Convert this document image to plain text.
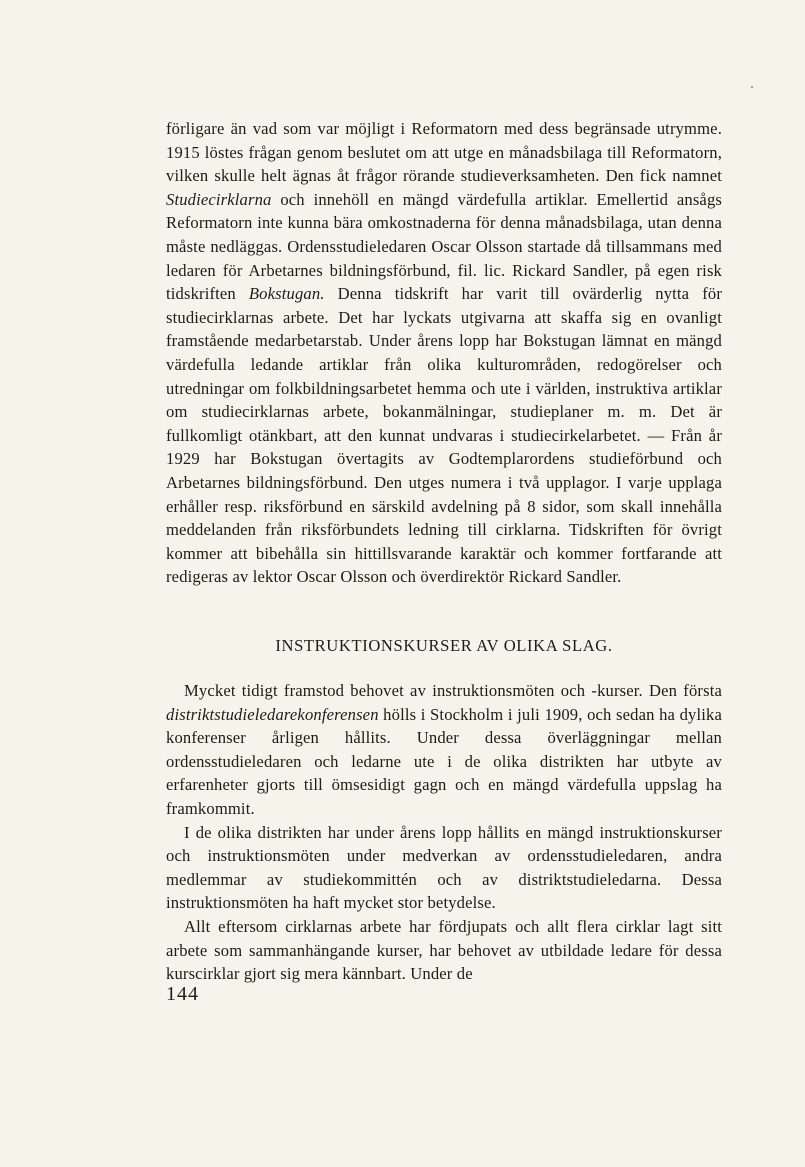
förligare än vad som var möjligt i Reformatorn med dess begränsade utrymme. 1915 löstes frågan genom beslutet om att utge en månadsbilaga till Reformatorn, vilken skulle helt ägnas åt frågor rörande studieverksamheten. Den fick namnet Studiecirklarna och innehöll en mängd värdefulla artiklar. Emellertid ansågs Reformatorn inte kunna bära omkostnaderna för denna månadsbilaga, utan denna måste nedläggas. Ordensstudieledaren Oscar Olsson startade då tillsammans med ledaren för Arbetarnes bildningsförbund, fil. lic. Rickard Sandler, på egen risk tidskriften Bokstugan. Denna tidskrift har varit till ovärderlig nytta för studiecirklarnas arbete. Det har lyckats utgivarna att skaffa sig en ovanligt framstående medarbetarstab. Under årens lopp har Bokstugan lämnat en mängd värdefulla ledande artiklar från olika kulturområden, redogörelser och utredningar om folkbildningsarbetet hemma och ute i världen, instruktiva artiklar om studiecirklarnas arbete, bokanmälningar, studieplaner m. m. Det är fullkomligt otänkbart, att den kunnat undvaras i studiecirkelarbetet. — Från år 1929 har Bokstugan övertagits av Godtemplarordens studieförbund och Arbetarnes bildningsförbund. Den utges numera i två upplagor. I varje upplaga erhåller resp. riksförbund en särskild avdelning på 8 sidor, som skall innehålla meddelanden från riksförbundets ledning till cirklarna. Tidskriften för övrigt kommer att bibehålla sin hittillsvarande karaktär och kommer fortfarande att redigeras av lektor Oscar Olsson och överdirektör Rickard Sandler.

INSTRUKTIONSKURSER AV OLIKA SLAG.

Mycket tidigt framstod behovet av instruktionsmöten och -kurser. Den första distriktstudieledarekonferensen hölls i Stockholm i juli 1909, och sedan ha dylika konferenser årligen hållits. Under dessa överläggningar mellan ordensstudieledaren och ledarne ute i de olika distrikten har utbyte av erfarenheter gjorts till ömsesidigt gagn och en mängd värdefulla uppslag ha framkommit.

I de olika distrikten har under årens lopp hållits en mängd instruktionskurser och instruktionsmöten under medverkan av ordensstudieledaren, andra medlemmar av studiekommittén och av distriktstudieledarna. Dessa instruktionsmöten ha haft mycket stor betydelse.

Allt eftersom cirklarnas arbete har fördjupats och allt flera cirklar lagt sitt arbete som sammanhängande kurser, har behovet av utbildade ledare för dessa kurscirklar gjort sig mera kännbart. Under de

144
